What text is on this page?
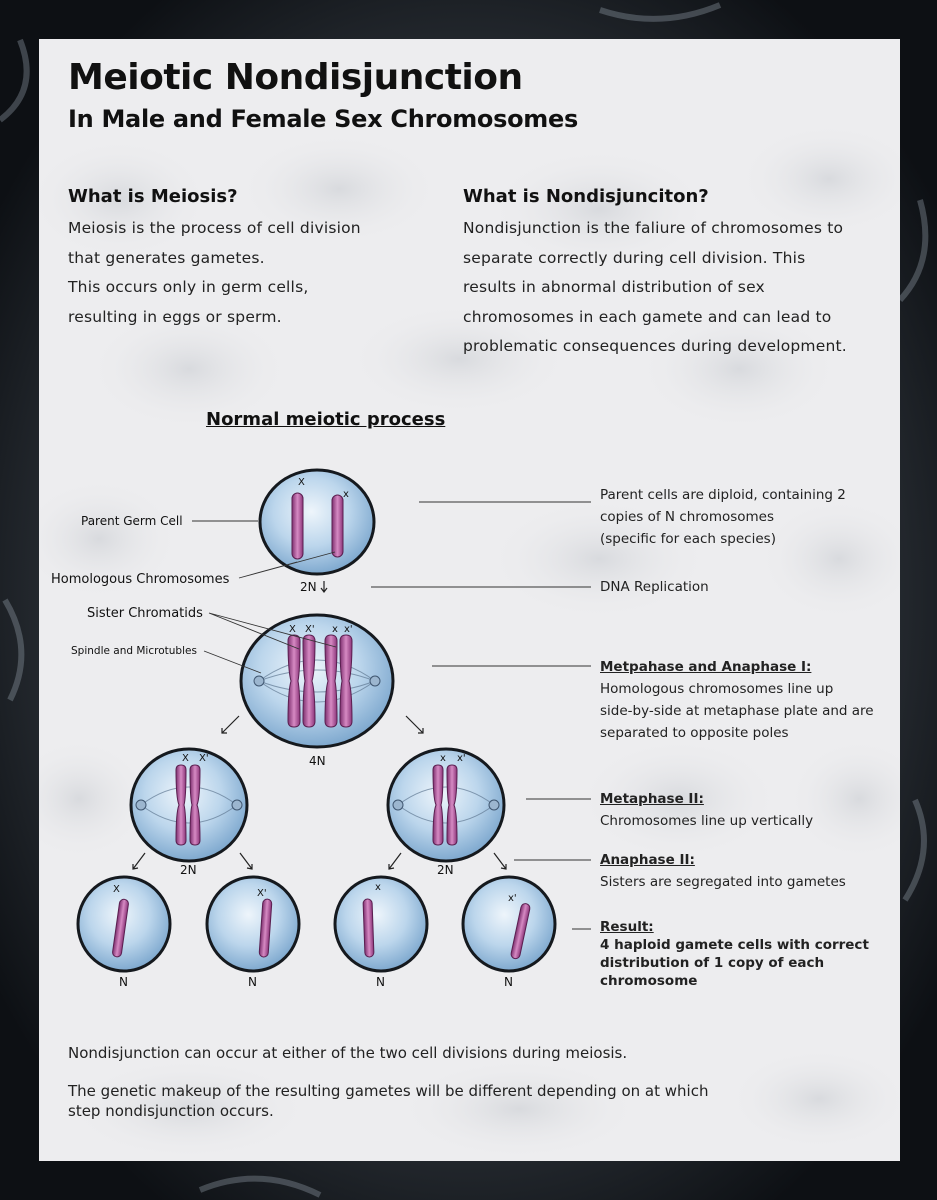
Meiotic Nondisjunction
In Male and Female Sex Chromosomes
What is Meiosis?
Meiosis is the process of cell division
that generates gametes.
This occurs only in germ cells,
resulting in eggs or sperm.
What is Nondisjunciton?
Nondisjunction is the faliure of chromosomes to
separate correctly during cell division. This
results in abnormal distribution of sex
chromosomes in each gamete and can lead to
problematic consequences during development.
Normal meiotic process
X
x
X X' x x'
X X'	x x'
X	X'
x
x'
2N
4N
2N	2N
N	N	N	N
Parent Germ Cell
Homologous Chromosomes
Sister Chromatids
Spindle and Microtubles
Parent cells are diploid, containing 2
copies of N chromosomes
(specific for each species)
DNA Replication
Metpahase and Anaphase I:
Homologous chromosomes line up
side-by-side at metaphase plate and are
separated to opposite poles
Metaphase II:
Chromosomes line up vertically
Anaphase II:
Sisters are segregated into gametes
Result:
4 haploid gamete cells with correct
distribution of 1 copy of each
chromosome
Nondisjunction can occur at either of the two cell divisions during meiosis.
The genetic makeup of the resulting gametes will be different depending on at which
step nondisjunction occurs.
